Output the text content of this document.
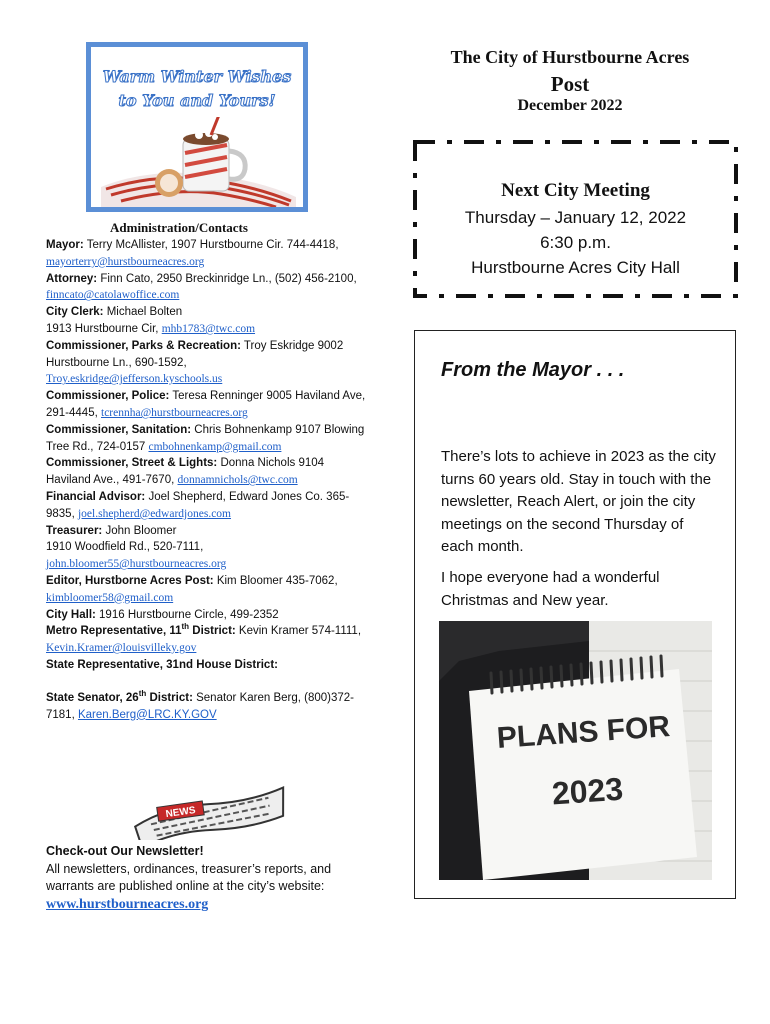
Warm Winter Wishes
to You and Yours!
The City of Hurstbourne Acres
Post
December 2022
Next City Meeting
Thursday – January 12, 2022
6:30 p.m.
Hurstbourne Acres City Hall
Administration/Contacts
Mayor: Terry McAllister, 1907 Hurstbourne Cir. 744-4418, mayorterry@hurstbourneacres.org
Attorney: Finn Cato, 2950 Breckinridge Ln., (502) 456-2100, finncato@catolawoffice.com
City Clerk: Michael Bolten
1913 Hurstbourne Cir, mhb1783@twc.com
Commissioner, Parks & Recreation: Troy Eskridge 9002 Hurstbourne Ln., 690-1592, Troy.eskridge@jefferson.kyschools.us
Commissioner, Police: Teresa Renninger 9005 Haviland Ave, 291-4445, tcrennha@hurstbourneacres.org
Commissioner, Sanitation: Chris Bohnenkamp 9107 Blowing Tree Rd., 724-0157 cmbohnenkamp@gmail.com
Commissioner, Street & Lights: Donna Nichols 9104 Haviland Ave., 491-7670, donnamnichols@twc.com
Financial Advisor: Joel Shepherd, Edward Jones Co. 365- 9835, joel.shepherd@edwardjones.com
Treasurer: John Bloomer
1910 Woodfield Rd., 520-7111, john.bloomer55@hurstbourneacres.org
Editor, Hurstborne Acres Post: Kim Bloomer 435-7062, kimbloomer58@gmail.com
City Hall: 1916 Hurstbourne Circle, 499-2352
Metro Representative, 11th District: Kevin Kramer 574-1111, Kevin.Kramer@louisvilleky.gov
State Representative, 31nd House District:
State Senator, 26th District: Senator Karen Berg, (800)372-7181, Karen.Berg@LRC.KY.GOV
NEWS
Check-out Our Newsletter!
All newsletters, ordinances, treasurer’s reports, and warrants are published online at the city’s website: www.hurstbourneacres.org
From the Mayor . . .
There’s lots to achieve in 2023 as the city turns 60 years old. Stay in touch with the newsletter, Reach Alert, or join the city meetings on the second Thursday of each month.
I hope everyone had a wonderful Christmas and New year.
PLANS FOR
2023
